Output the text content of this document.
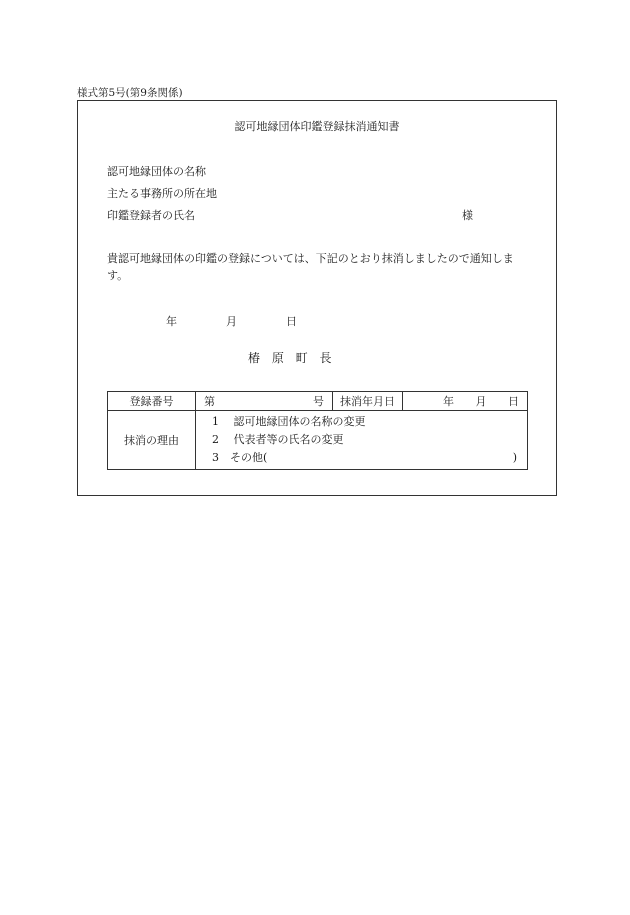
様式第5号(第9条関係)
認可地縁団体印鑑登録抹消通知書
認可地縁団体の名称
主たる事務所の所在地
印鑑登録者の氏名	様
貴認可地縁団体の印鑑の登録については、下記のとおり抹消しましたので通知します。
年	月	日
椿 原 町 長
登録番号	第 号	抹消年月日	年 月 日
抹消の理由	1 認可地縁団体の名称の変更
2 代表者等の氏名の変更
3 その他( )		
